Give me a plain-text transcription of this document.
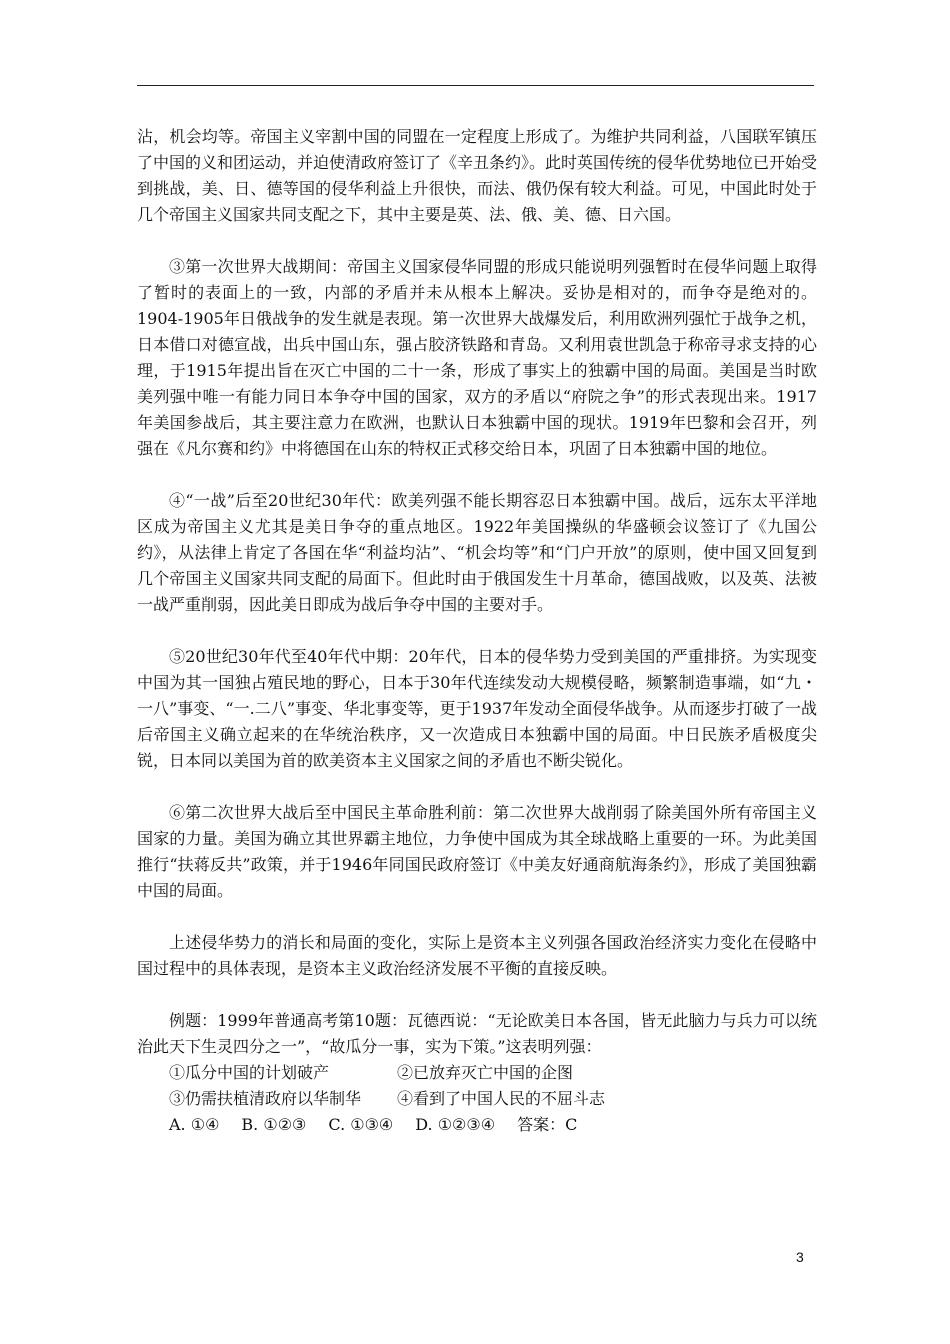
沾，机会均等。帝国主义宰割中国的同盟在一定程度上形成了。为维护共同利益，八国联军镇压了中国的义和团运动，并迫使清政府签订了《辛丑条约》。此时英国传统的侵华优势地位已开始受到挑战，美、日、德等国的侵华利益上升很快，而法、俄仍保有较大利益。可见，中国此时处于几个帝国主义国家共同支配之下，其中主要是英、法、俄、美、德、日六国。

③第一次世界大战期间：帝国主义国家侵华同盟的形成只能说明列强暂时在侵华问题上取得了暂时的表面上的一致，内部的矛盾并未从根本上解决。妥协是相对的，而争夺是绝对的。1904-1905年日俄战争的发生就是表现。第一次世界大战爆发后，利用欧洲列强忙于战争之机，日本借口对德宣战，出兵中国山东，强占胶济铁路和青岛。又利用袁世凯急于称帝寻求支持的心理，于1915年提出旨在灭亡中国的二十一条，形成了事实上的独霸中国的局面。美国是当时欧美列强中唯一有能力同日本争夺中国的国家，双方的矛盾以“府院之争”的形式表现出来。1917年美国参战后，其主要注意力在欧洲，也默认日本独霸中国的现状。1919年巴黎和会召开，列强在《凡尔赛和约》中将德国在山东的特权正式移交给日本，巩固了日本独霸中国的地位。

④“一战”后至20世纪30年代：欧美列强不能长期容忍日本独霸中国。战后，远东太平洋地区成为帝国主义尤其是美日争夺的重点地区。1922年美国操纵的华盛顿会议签订了《九国公约》，从法律上肯定了各国在华“利益均沾”、“机会均等”和“门户开放”的原则，使中国又回复到几个帝国主义国家共同支配的局面下。但此时由于俄国发生十月革命，德国战败，以及英、法被一战严重削弱，因此美日即成为战后争夺中国的主要对手。

⑤20世纪30年代至40年代中期：20年代，日本的侵华势力受到美国的严重排挤。为实现变中国为其一国独占殖民地的野心，日本于30年代连续发动大规模侵略，频繁制造事端，如“九・一八”事变、“一.二八”事变、华北事变等，更于1937年发动全面侵华战争。从而逐步打破了一战后帝国主义确立起来的在华统治秩序，又一次造成日本独霸中国的局面。中日民族矛盾极度尖锐，日本同以美国为首的欧美资本主义国家之间的矛盾也不断尖锐化。

⑥第二次世界大战后至中国民主革命胜利前：第二次世界大战削弱了除美国外所有帝国主义国家的力量。美国为确立其世界霸主地位，力争使中国成为其全球战略上重要的一环。为此美国推行“扶蒋反共”政策，并于1946年同国民政府签订《中美友好通商航海条约》，形成了美国独霸中国的局面。

上述侵华势力的消长和局面的变化，实际上是资本主义列强各国政治经济实力变化在侵略中国过程中的具体表现，是资本主义政治经济发展不平衡的直接反映。

例题：1999年普通高考第10题：瓦德西说：“无论欧美日本各国，皆无此脑力与兵力可以统治此天下生灵四分之一”，“故瓜分一事，实为下策。”这表明列强：

①瓜分中国的计划破产	②已放弃灭亡中国的企图
③仍需扶植清政府以华制华 ④看到了中国人民的不屈斗志
A. ①④ B. ①②③ C. ①③④ D. ①②③④ 答案：C
3
